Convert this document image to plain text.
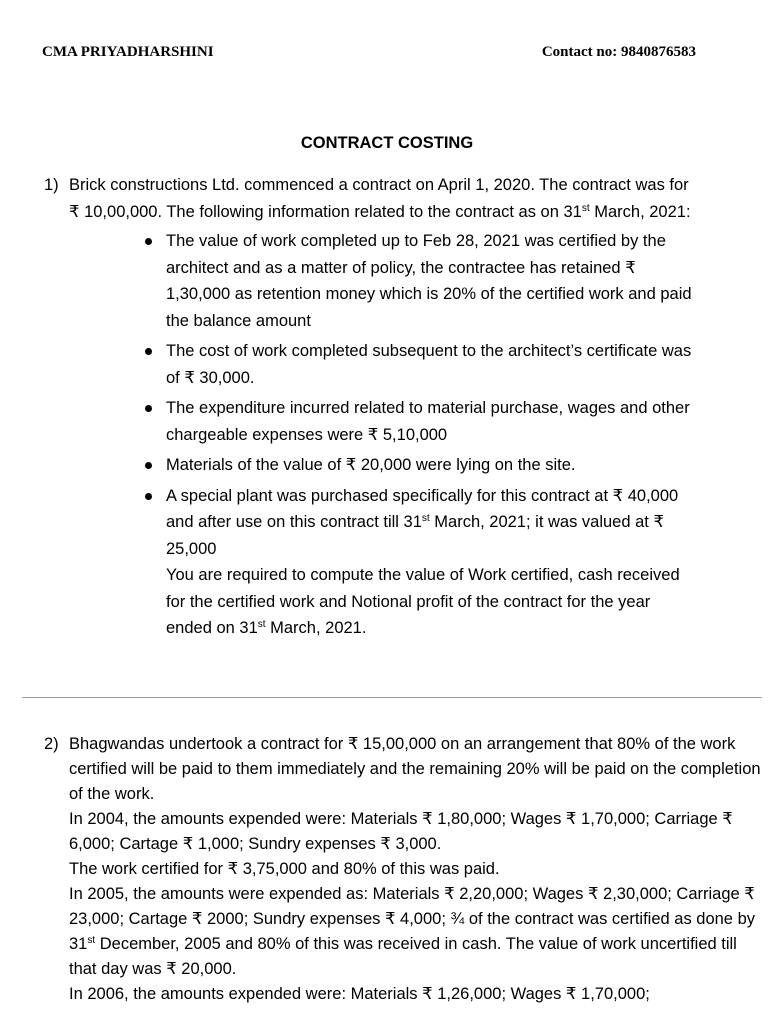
CMA PRIYADHARSHINI	Contact no: 9840876583
CONTRACT COSTING
1) Brick constructions Ltd. commenced a contract on April 1, 2020. The contract was for ₹ 10,00,000. The following information related to the contract as on 31st March, 2021:
The value of work completed up to Feb 28, 2021 was certified by the architect and as a matter of policy, the contractee has retained ₹ 1,30,000 as retention money which is 20% of the certified work and paid the balance amount
The cost of work completed subsequent to the architect’s certificate was of ₹ 30,000.
The expenditure incurred related to material purchase, wages and other chargeable expenses were ₹ 5,10,000
Materials of the value of ₹ 20,000 were lying on the site.
A special plant was purchased specifically for this contract at ₹ 40,000 and after use on this contract till 31st March, 2021; it was valued at ₹ 25,000
You are required to compute the value of Work certified, cash received for the certified work and Notional profit of the contract for the year ended on 31st March, 2021.
2) Bhagwandas undertook a contract for ₹ 15,00,000 on an arrangement that 80% of the work certified will be paid to them immediately and the remaining 20% will be paid on the completion of the work.

In 2004, the amounts expended were: Materials ₹ 1,80,000; Wages ₹ 1,70,000; Carriage ₹ 6,000; Cartage ₹ 1,000; Sundry expenses ₹ 3,000.

The work certified for ₹ 3,75,000 and 80% of this was paid.

In 2005, the amounts were expended as: Materials ₹ 2,20,000; Wages ₹ 2,30,000; Carriage ₹ 23,000; Cartage ₹ 2000; Sundry expenses ₹ 4,000; ¾ of the contract was certified as done by 31st December, 2005 and 80% of this was received in cash. The value of work uncertified till that day was ₹ 20,000.

In 2006, the amounts expended were: Materials ₹ 1,26,000; Wages ₹ 1,70,000;
